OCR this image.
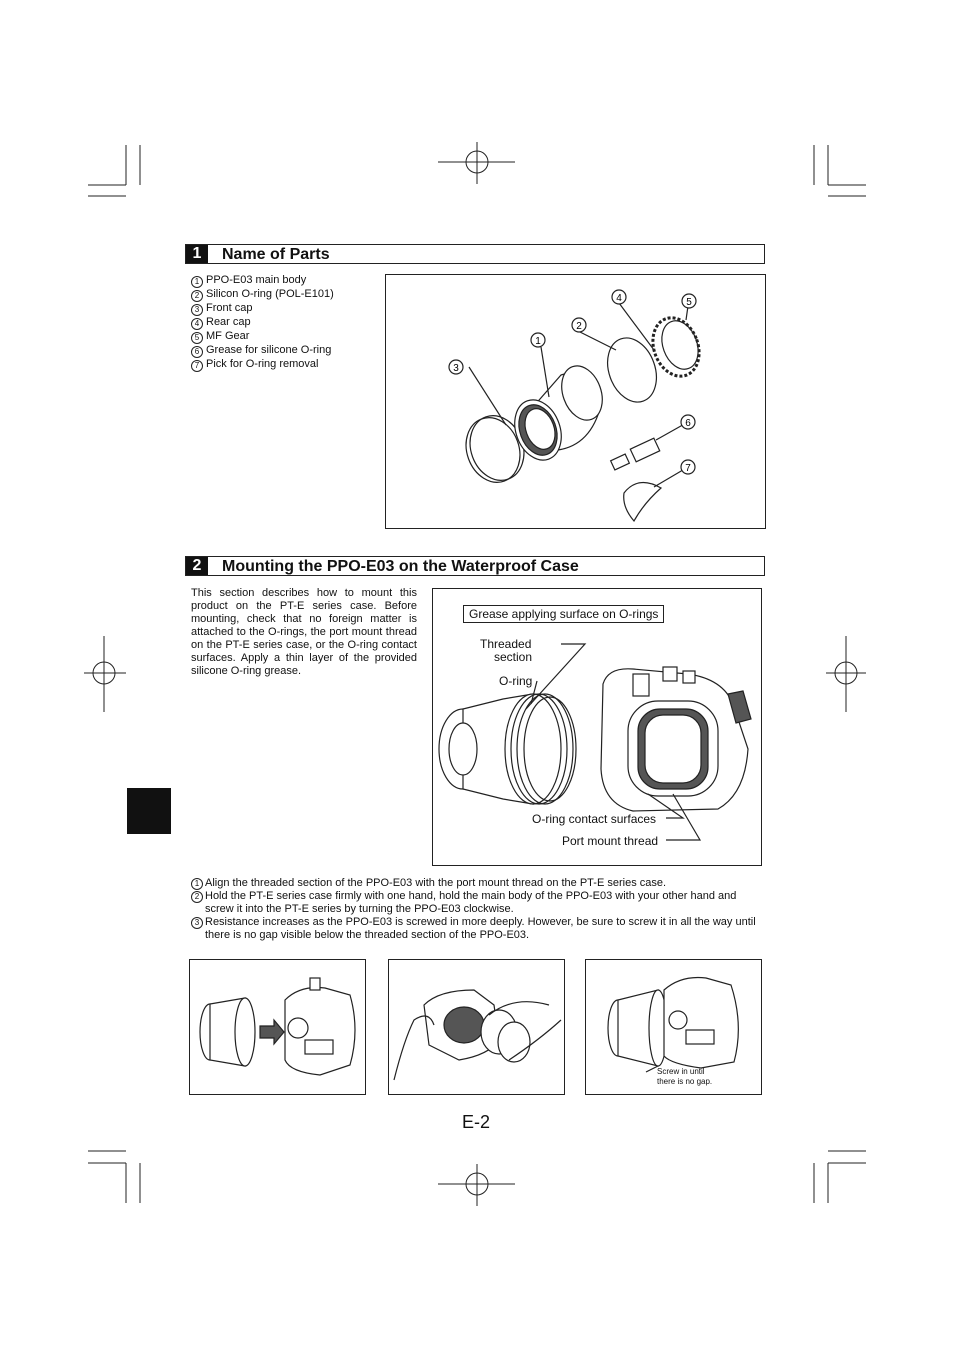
1	Name of Parts
1 PPO-E03 main body
2 Silicon O-ring (POL-E101)
3 Front cap
4 Rear cap
5 MF Gear
6 Grease for silicone O-ring
7 Pick for O-ring removal
1
2
3
4	5
6
7
2	Mounting the PPO-E03 on the Waterproof Case
This section describes how to mount this product on the PT-E series case. Before mounting, check that no foreign matter is attached to the O-rings, the port mount thread on the PT-E series case, or the O-ring contact surfaces. Apply a thin layer of the provided silicone O-ring grease.
Threaded
section
O-ring
O-ring contact surfaces
Port mount thread
Grease applying surface on O-rings
1 Align the threaded section of the PPO-E03 with the port mount thread on the PT-E series case.
2 Hold the PT-E series case firmly with one hand, hold the main body of the PPO-E03 with your other hand and screw it into the PT-E series by turning the PPO-E03 clockwise.
3 Resistance increases as the PPO-E03 is screwed in more deeply. However, be sure to screw it in all the way until there is no gap visible below the threaded section of the PPO-E03.
Screw in until
there is no gap.
E-2
